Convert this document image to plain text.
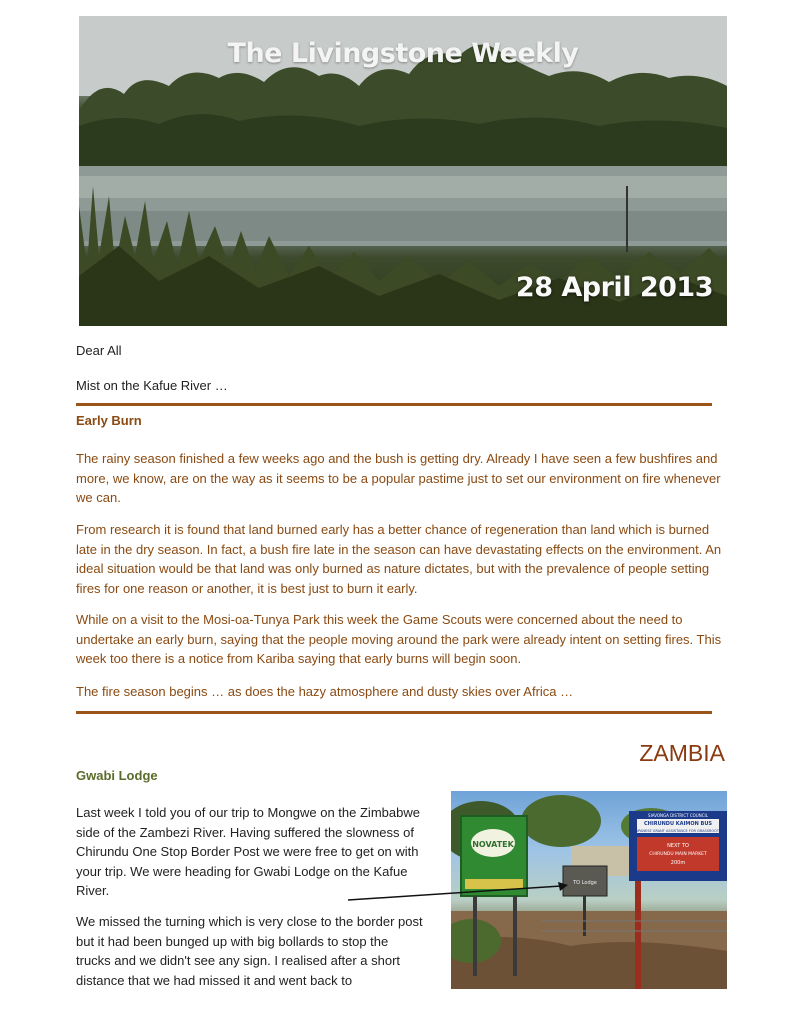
The Livingstone Weekly
28 April 2013
Dear All
Mist on the Kafue River …
Early Burn
The rainy season finished a few weeks ago and the bush is getting dry. Already I have seen a few bushfires and more, we know, are on the way as it seems to be a popular pastime just to set our environment on fire whenever we can.
From research it is found that land burned early has a better chance of regeneration than land which is burned late in the dry season. In fact, a bush fire late in the season can have devastating effects on the environment. An ideal situation would be that land was only burned as nature dictates, but with the prevalence of people setting fires for one reason or another, it is best just to burn it early.
While on a visit to the Mosi-oa-Tunya Park this week the Game Scouts were concerned about the need to undertake an early burn, saying that the people moving around the park were already intent on setting fires. This week too there is a notice from Kariba saying that early burns will begin soon.
The fire season begins … as does the hazy atmosphere and dusty skies over Africa …
ZAMBIA
Gwabi Lodge
Last week I told you of our trip to Mongwe on the Zimbabwe side of the Zambezi River. Having suffered the slowness of Chirundu One Stop Border Post we were free to get on with your trip. We were heading for Gwabi Lodge on the Kafue River.
We missed the turning which is very close to the border post but it had been bunged up with big bollards to stop the trucks and we didn't see any sign. I realised after a short distance that we had missed it and went back to
NOVATEK
SIAVONGA DISTRICT COUNCIL
CHIRUNDU KAIMON BUS
JAPANESE GRANT ASSISTANCE FOR GRASSROOTS
NEXT TO
CHIRUNDU MAIN MARKET
200m
TO Lodge
